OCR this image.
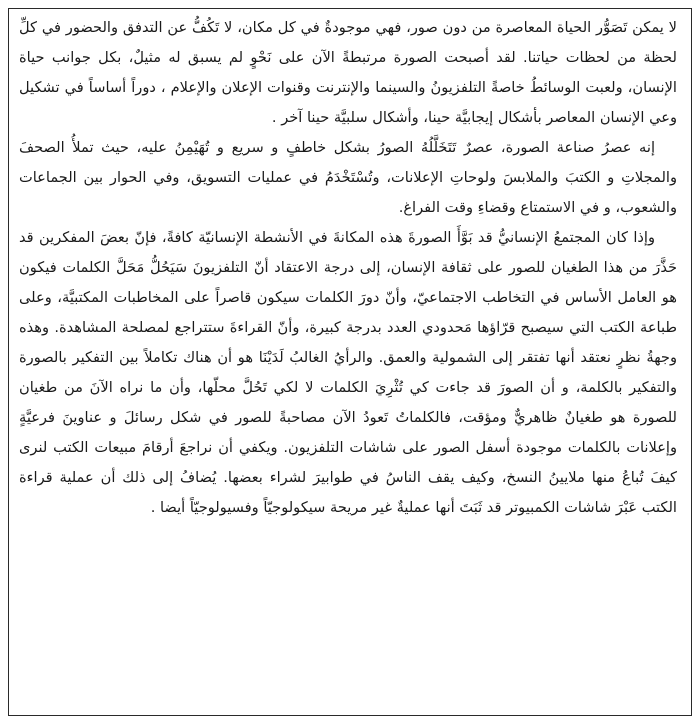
لا يمكن تَصَوُّر الحياة المعاصرة من دون صور، فهي موجودةٌ في كل مكان، لا تَكُفُّ عن التدفق والحضور في كلِّ لحظة من لحظات حياتنا. لقد أصبحت الصورة مرتبطةً الآن على نَحْوٍ لم يسبق له مثيلٌ، بكل جوانب حياة الإنسان، ولعبت الوسائطُ خاصةً التلفزيونُ والسينما والإنترنت وقنوات الإعلان والإعلام ، دوراً أساساً في تشكيل وعي الإنسان المعاصر بأشكال إيجابيَّة حينا، وأشكال سلبيَّة حينا آخر .

إنه عصرُ صناعة الصورة، عصرٌ تَتَخَلَّلُهُ الصورُ بشكل خاطفٍ و سريع و تُهَيْمِنُ عليه، حيث تملأُ الصحفَ والمجلاتِ و الكتبَ والملابسَ ولوحاتِ الإعلانات، وتُسْتَخْدَمُ في عمليات التسويق، وفي الحوار بين الجماعات والشعوب، و في الاستمتاع وقضاءِ وقت الفراغ.

وإذا كان المجتمعُ الإنسانيُّ قد بَوَّأَ الصورةَ هذه المكانةَ في الأنشطة الإنسانيّة كافةً، فإنّ بعضَ المفكرين قد حَذَّرَ من هذا الطغيان للصور على ثقافة الإنسان، إلى درجة الاعتقاد أنّ التلفزيونَ سَيَحُلُّ مَحَلَّ الكلمات فيكون هو العامل الأساس في التخاطب الاجتماعيّ، وأنّ دورَ الكلمات سيكون قاصراً على المخاطبات المكتبيَّة، وعلى طباعة الكتب التي سيصبح قرّاؤها مَحدودي العدد بدرجة كبيرة، وأنّ القراءةَ ستتراجع لمصلحة المشاهدة. وهذه وجهةُ نظرٍ نعتقد أنها تفتقر إلى الشمولية والعمق. والرأيُ الغالبُ لَدَيْنَا هو أن هناك تكاملاً بين التفكير بالصورة والتفكير بالكلمة، و أن الصورَ قد جاءت كي تُثْرِيَ الكلمات لا لكي تَحُلَّ محلّها، وأن ما نراه الآنَ من طغيان للصورة هو طغيانٌ ظاهريٌّ ومؤقت، فالكلماتُ تَعودُ الآن مصاحبةً للصور في شكل رسائلَ و عناوينَ فرعيَّةٍ وإعلانات بالكلمات موجودة أسفل الصور على شاشات التلفزيون. ويكفي أن نراجعَ أرقامَ مبيعات الكتب لنرى كيفَ تُباعُ منها ملايينُ النسخ، وكيف يقف الناسُ في طوابيرَ لشراء بعضها. يُضافُ إلى ذلك أن عملية قراءة الكتب عَبْرَ شاشات الكمبيوتر قد ثَبَتَ أنها عمليةٌ غير مريحة سيكولوجيّاً وفسيولوجيّاً أيضا .
